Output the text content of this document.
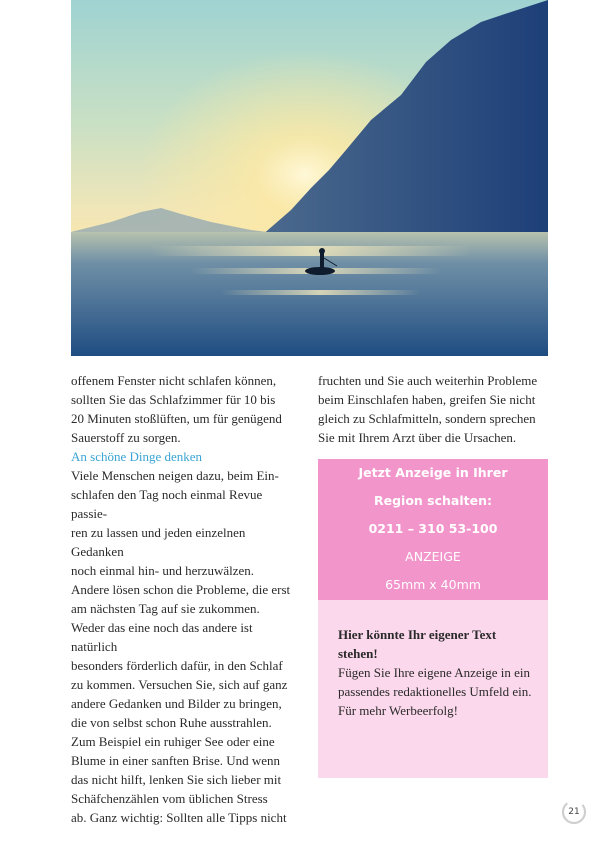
offenem Fenster nicht schlafen können,
sollten Sie das Schlafzimmer für 10 bis
20 Minuten stoßlüften, um für genügend
Sauerstoff zu sorgen.

An schöne Dinge denken

Viele Menschen neigen dazu, beim Ein-
schlafen den Tag noch einmal Revue passie-
ren zu lassen und jeden einzelnen Gedanken
noch einmal hin- und herzuwälzen.
Andere lösen schon die Probleme, die erst
am nächsten Tag auf sie zukommen.
Weder das eine noch das andere ist natürlich
besonders förderlich dafür, in den Schlaf
zu kommen. Versuchen Sie, sich auf ganz
andere Gedanken und Bilder zu bringen,
die von selbst schon Ruhe ausstrahlen.
Zum Beispiel ein ruhiger See oder eine
Blume in einer sanften Brise. Und wenn
das nicht hilft, lenken Sie sich lieber mit
Schäfchenzählen vom üblichen Stress
ab. Ganz wichtig: Sollten alle Tipps nicht

fruchten und Sie auch weiterhin Probleme
beim Einschlafen haben, greifen Sie nicht
gleich zu Schlafmitteln, sondern sprechen
Sie mit Ihrem Arzt über die Ursachen.

Jetzt Anzeige in Ihrer
Region schalten:
0211 – 310 53-100
ANZEIGE
65mm x 40mm
Hier könnte Ihr eigener Text stehen!
Fügen Sie Ihre eigene Anzeige in ein
passendes redaktionelles Umfeld ein.
Für mehr Werbeerfolg!
21
